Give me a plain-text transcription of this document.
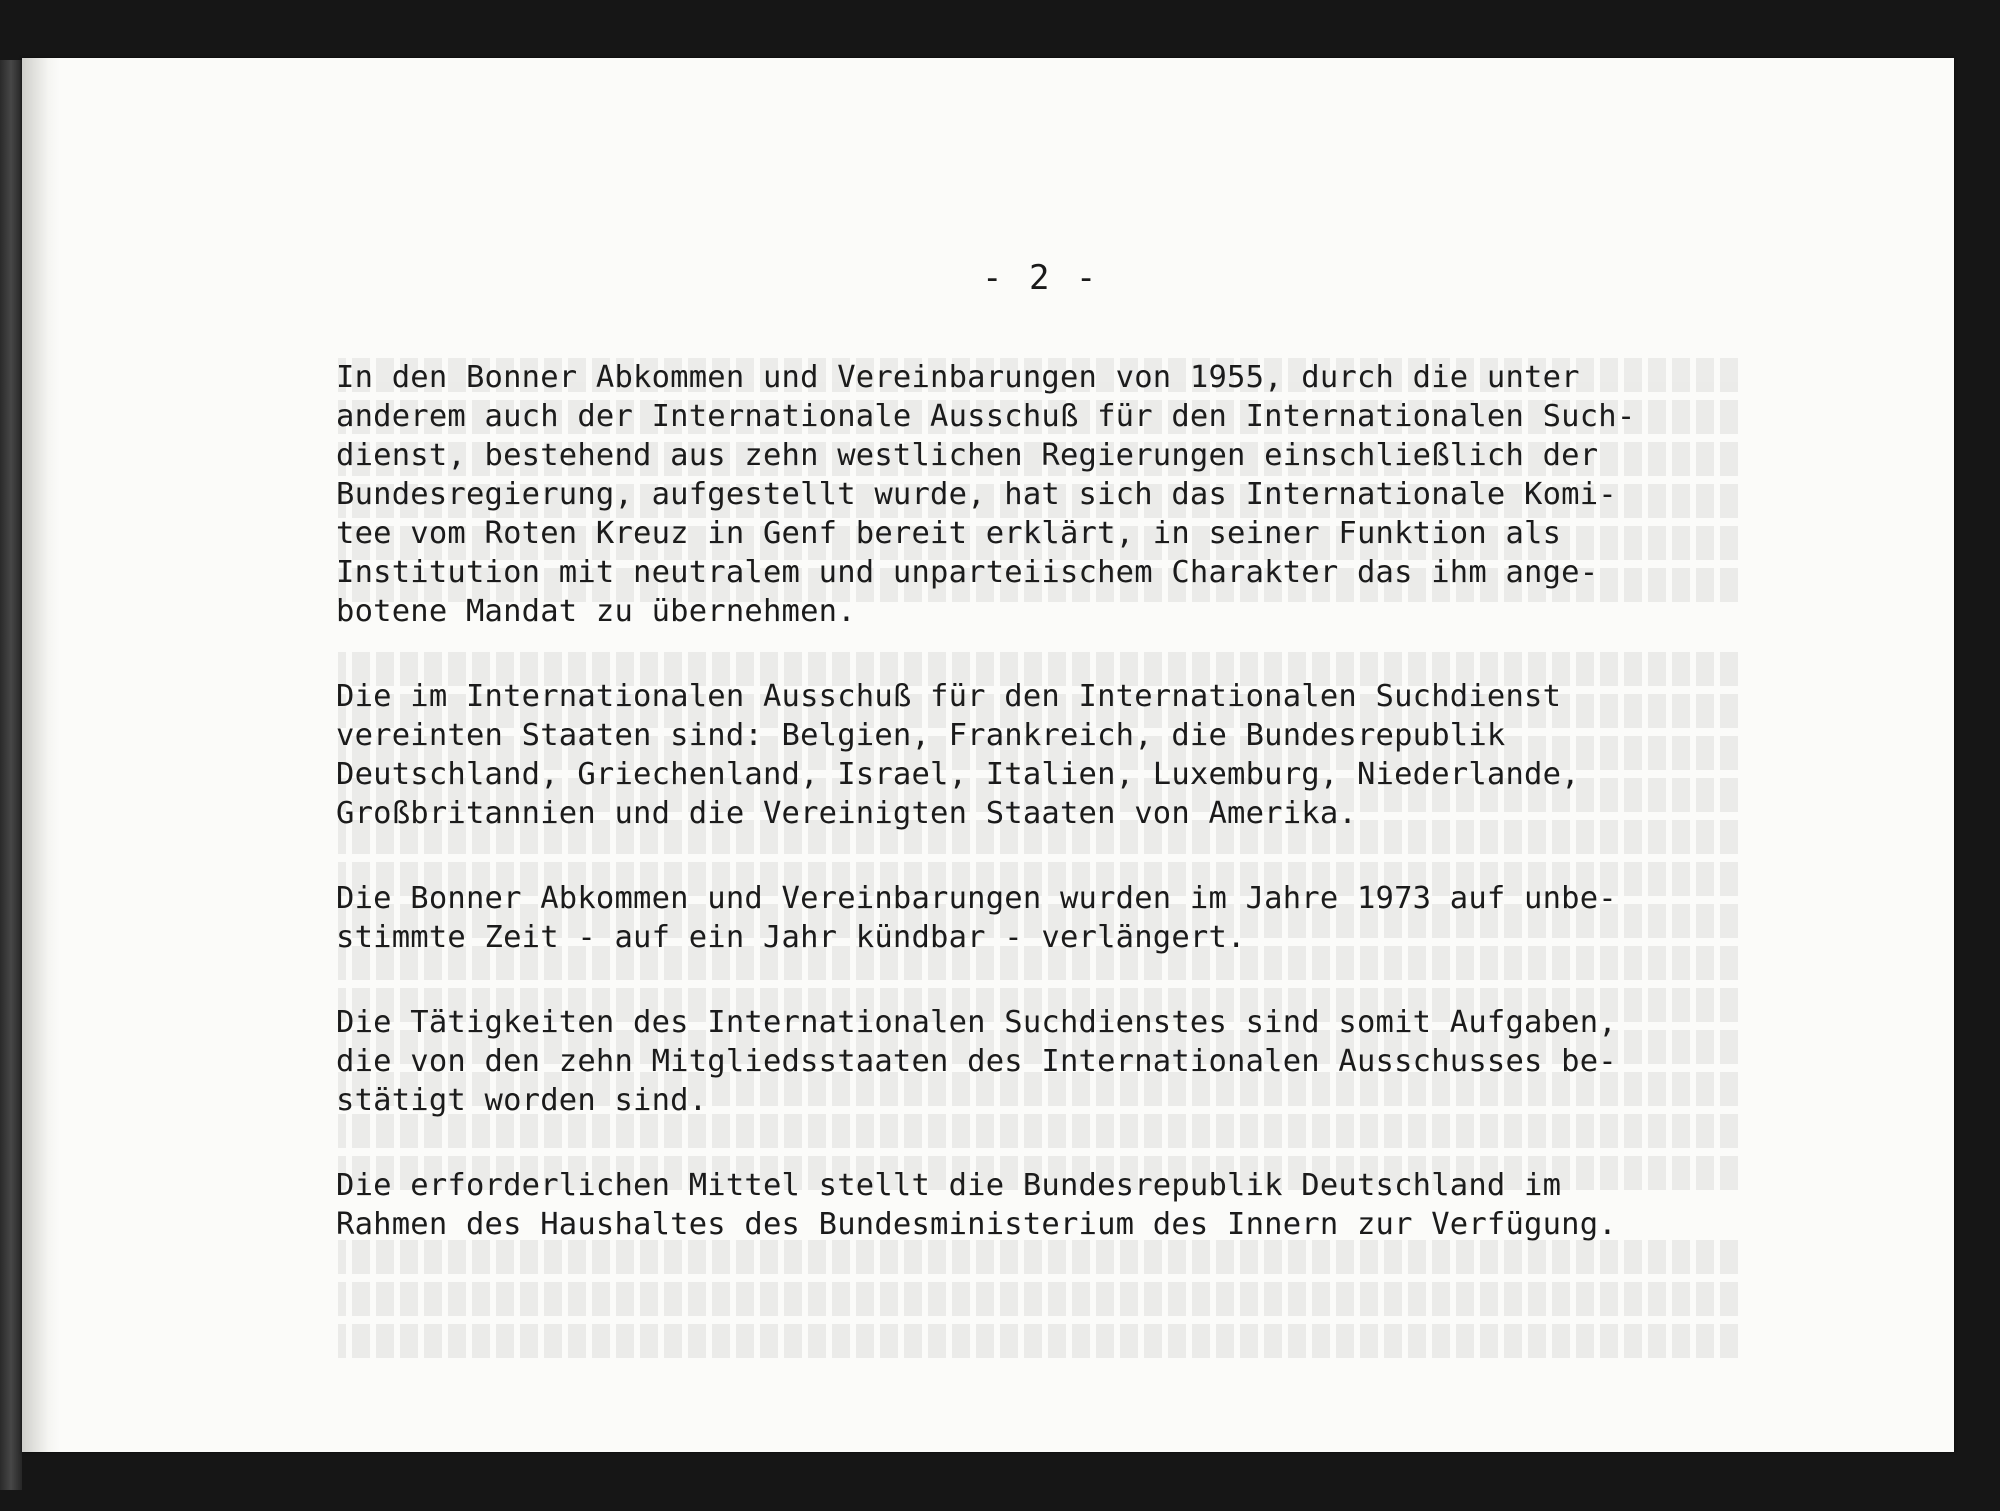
- 2 -
In den Bonner Abkommen und Vereinbarungen von 1955, durch die unter
anderem auch der Internationale Ausschuß für den Internationalen Such-
dienst, bestehend aus zehn westlichen Regierungen einschließlich der
Bundesregierung, aufgestellt wurde, hat sich das Internationale Komi-
tee vom Roten Kreuz in Genf bereit erklärt, in seiner Funktion als
Institution mit neutralem und unparteiischem Charakter das ihm ange-
botene Mandat zu übernehmen.
Die im Internationalen Ausschuß für den Internationalen Suchdienst
vereinten Staaten sind: Belgien, Frankreich, die Bundesrepublik
Deutschland, Griechenland, Israel, Italien, Luxemburg, Niederlande,
Großbritannien und die Vereinigten Staaten von Amerika.
Die Bonner Abkommen und Vereinbarungen wurden im Jahre 1973 auf unbe-
stimmte Zeit - auf ein Jahr kündbar - verlängert.
Die Tätigkeiten des Internationalen Suchdienstes sind somit Aufgaben,
die von den zehn Mitgliedsstaaten des Internationalen Ausschusses be-
stätigt worden sind.
Die erforderlichen Mittel stellt die Bundesrepublik Deutschland im
Rahmen des Haushaltes des Bundesministerium des Innern zur Verfügung.
